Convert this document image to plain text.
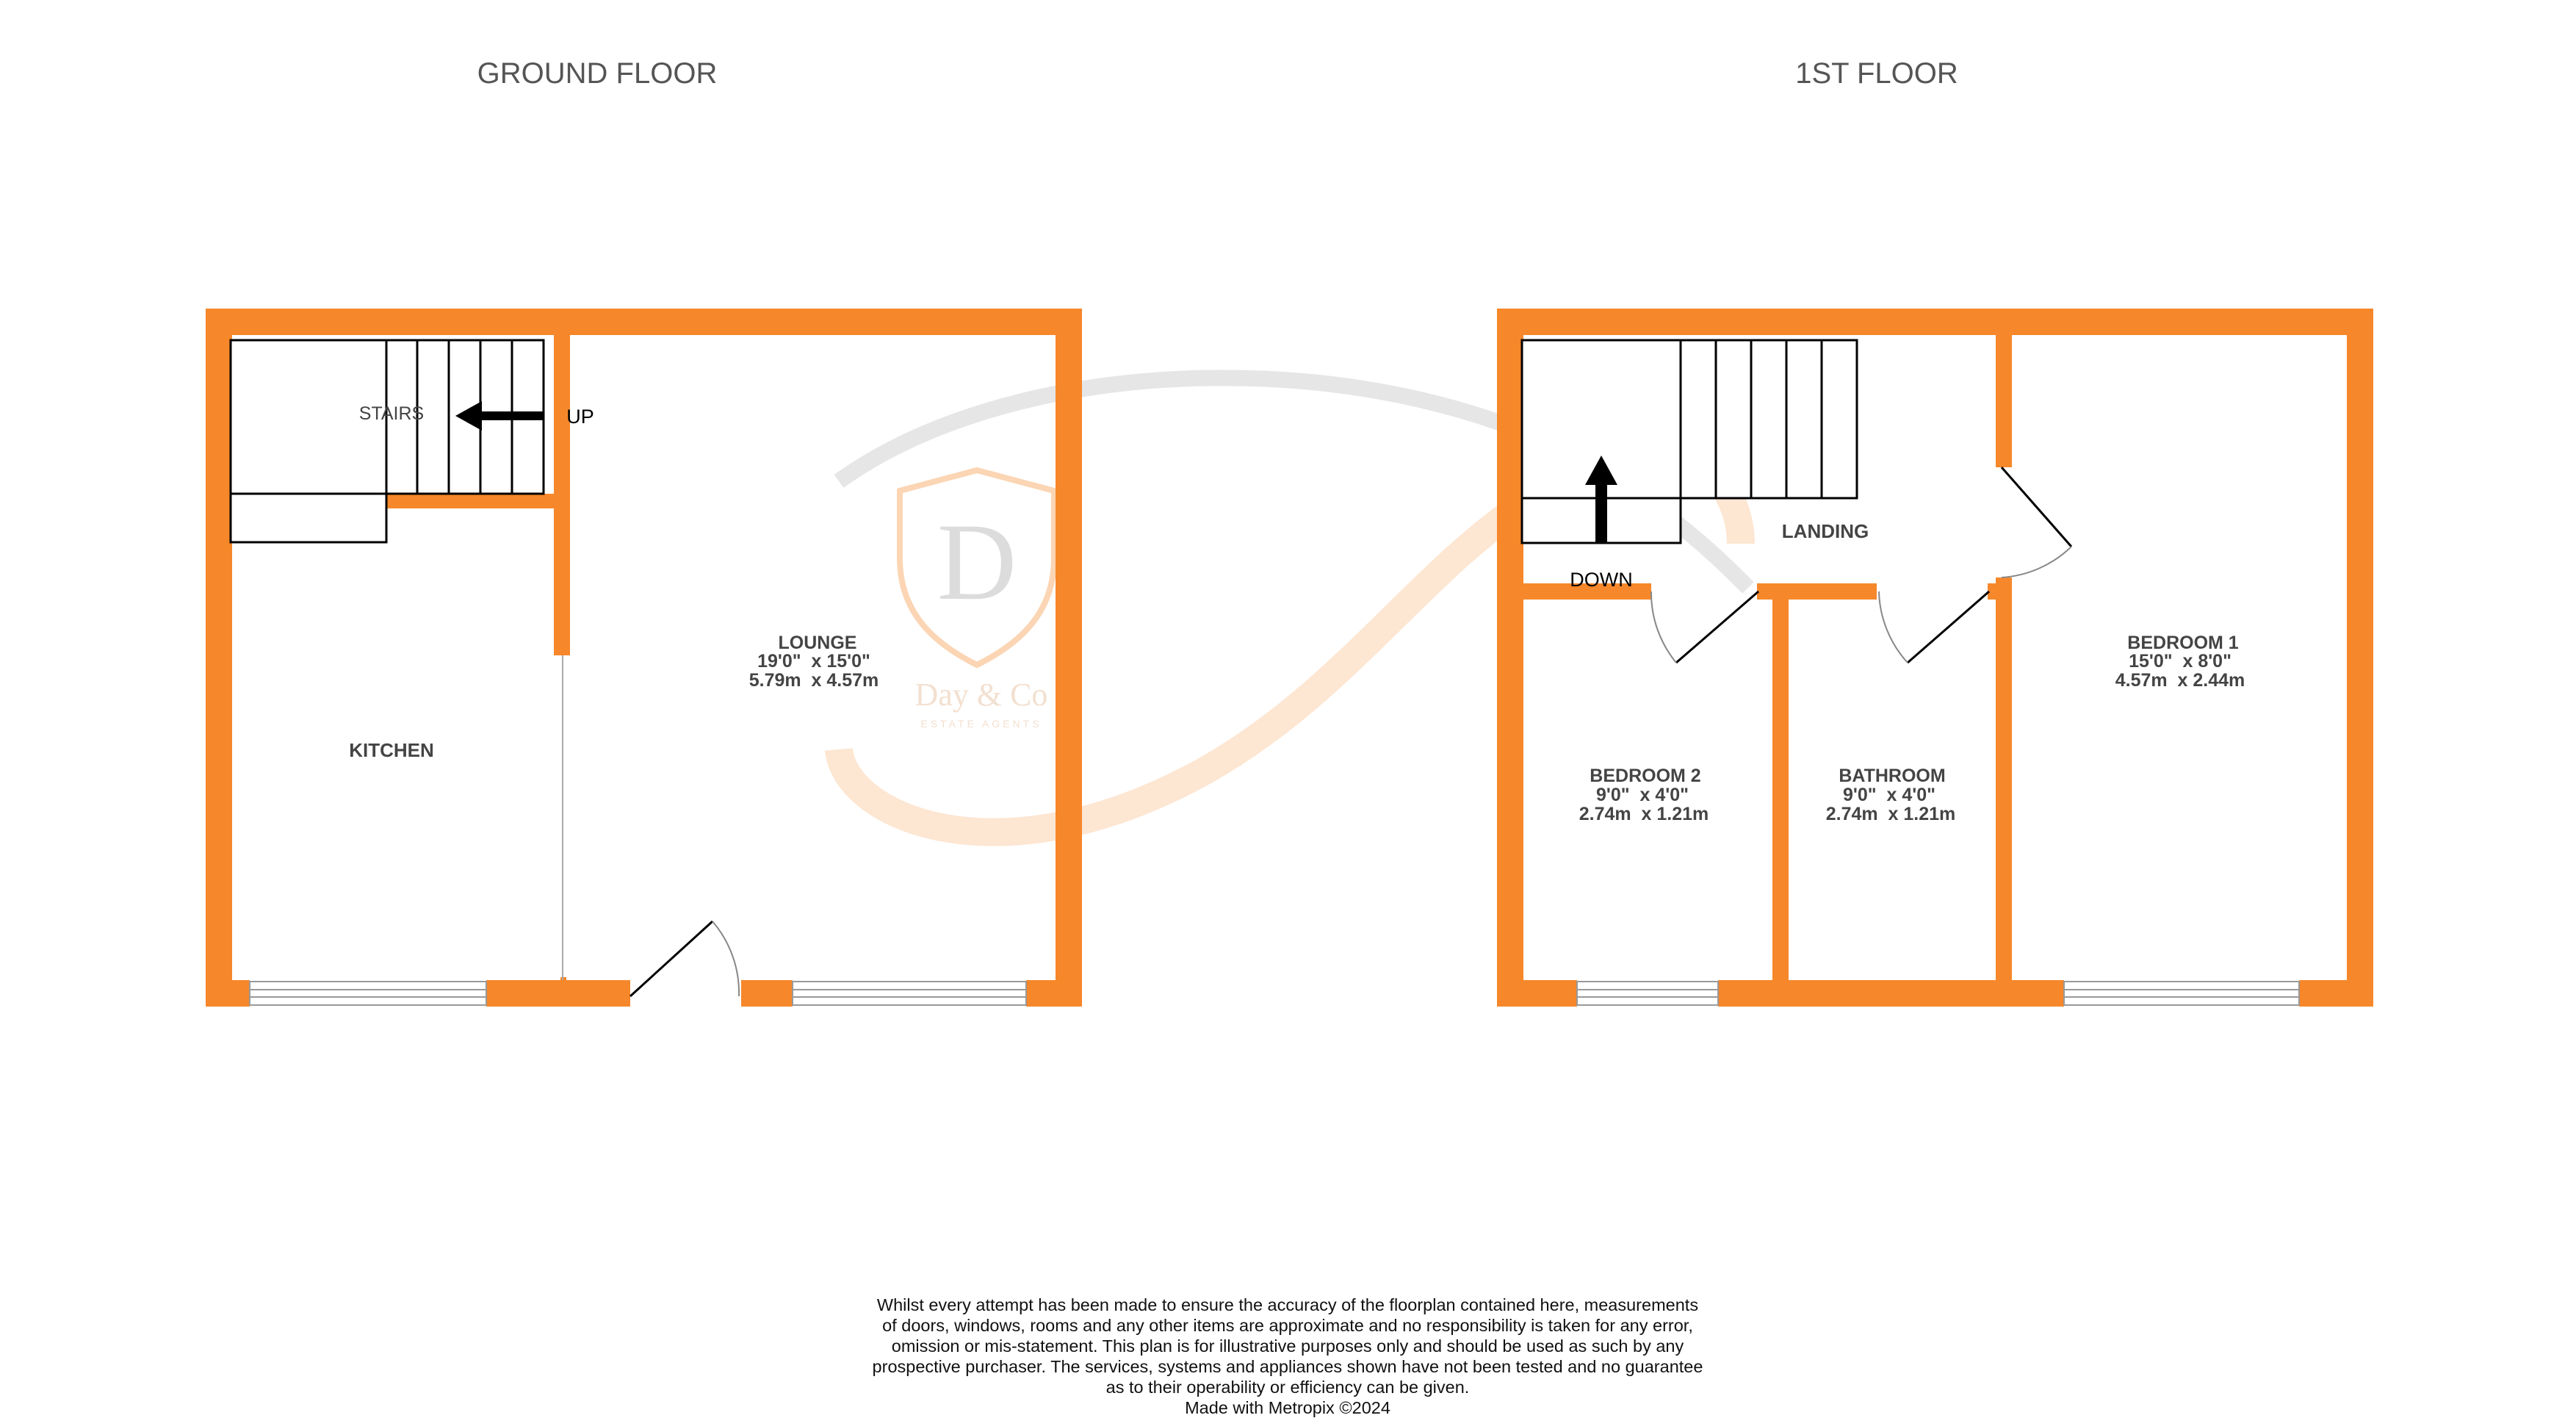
GROUND FLOOR	1ST FLOOR
D
Day & Co
ESTATE AGENTS
STAIRS	UP
KITCHEN
LOUNGE
19'0"  x 15'0"
5.79m  x 4.57m
DOWN
LANDING
BEDROOM 1
15'0"  x 8'0"
4.57m  x 2.44m
BEDROOM 2
9'0"  x 4'0"
2.74m  x 1.21m
BATHROOM
9'0"  x 4'0"
2.74m  x 1.21m
Whilst every attempt has been made to ensure the accuracy of the floorplan contained here, measurements
of doors, windows, rooms and any other items are approximate and no responsibility is taken for any error,
omission or mis-statement. This plan is for illustrative purposes only and should be used as such by any
prospective purchaser. The services, systems and appliances shown have not been tested and no guarantee
as to their operability or efficiency can be given.
Made with Metropix ©2024
